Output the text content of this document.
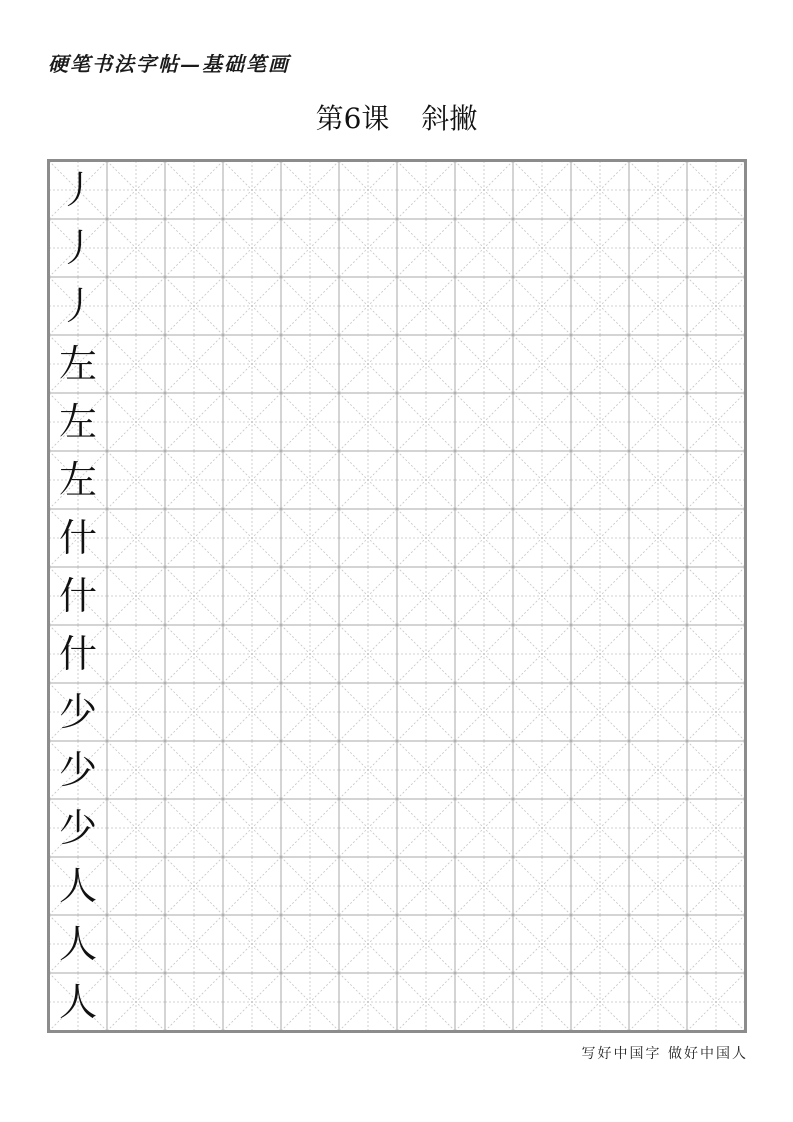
硬笔书法字帖—基础笔画
第6课 斜撇
丿
丿
丿
左
左
左
什
什
什
少
少
少
人
人
人
写好中国字 做好中国人
